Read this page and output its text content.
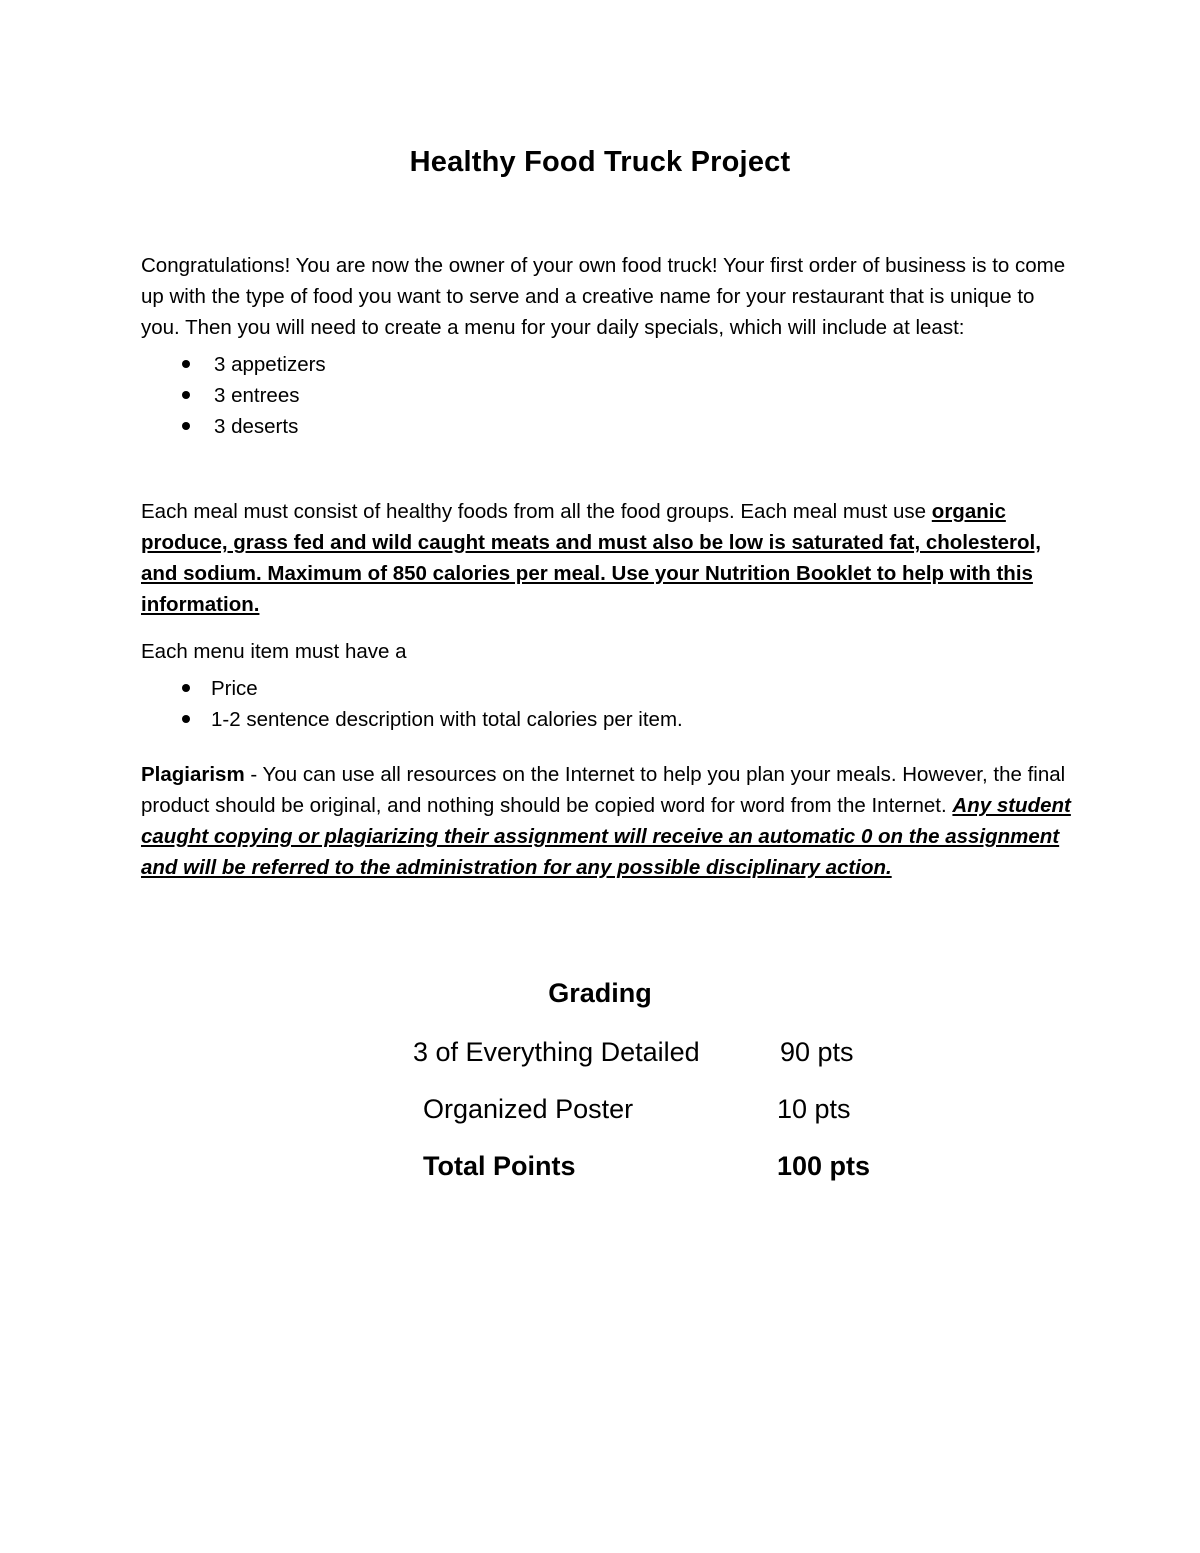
Healthy Food Truck Project

Congratulations! You are now the owner of your own food truck! Your first order of business is to come up with the type of food you want to serve and a creative name for your restaurant that is unique to you. Then you will need to create a menu for your daily specials, which will include at least:

3 appetizers
3 entrees
3 deserts
Each meal must consist of healthy foods from all the food groups. Each meal must use organic produce, grass fed and wild caught meats and must also be low is saturated fat, cholesterol, and sodium. Maximum of 850 calories per meal. Use your Nutrition Booklet to help with this information.
Each menu item must have a
Price
1-2 sentence description with total calories per item.
Plagiarism - You can use all resources on the Internet to help you plan your meals. However, the final product should be original, and nothing should be copied word for word from the Internet. Any student caught copying or plagiarizing their assignment will receive an automatic 0 on the assignment and will be referred to the administration for any possible disciplinary action.
Grading
3 of Everything Detailed	90 pts
Organized Poster	10 pts
Total Points	100 pts
